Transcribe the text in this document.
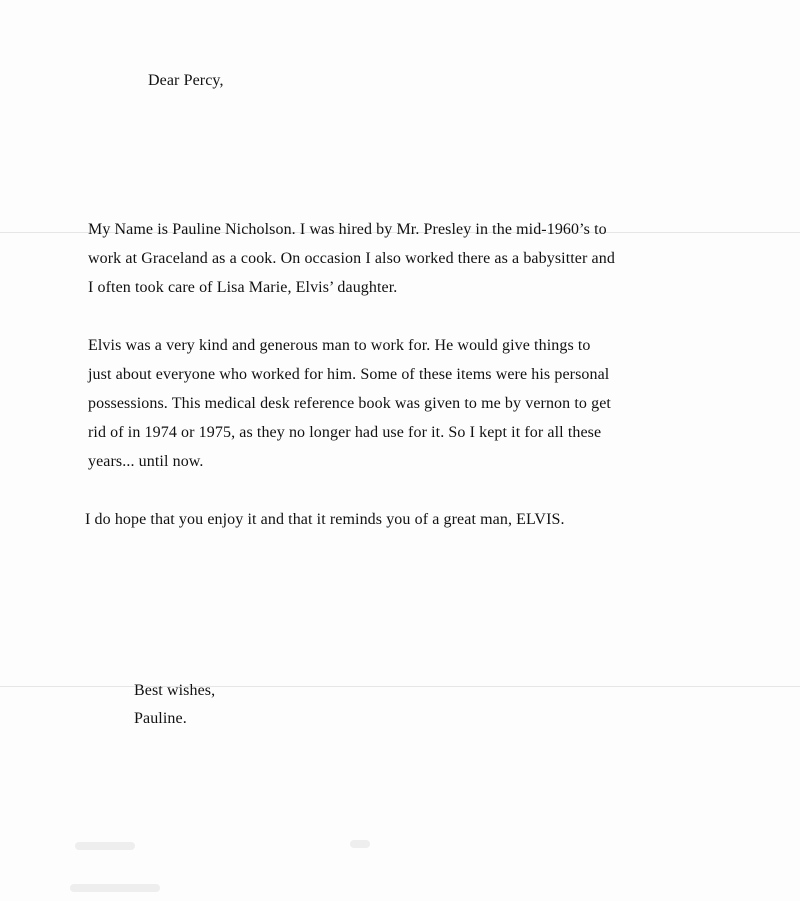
Dear Percy,
My Name is Pauline Nicholson. I was hired by Mr. Presley in the mid-1960’s to
work at Graceland as a cook. On occasion I also worked there as a babysitter and
I often took care of Lisa Marie, Elvis’ daughter.
Elvis was a very kind and generous man to work for. He would give things to
just about everyone who worked for him. Some of these items were his personal
possessions. This medical desk reference book was given to me by vernon to get
rid of in 1974 or 1975, as they no longer had use for it. So I kept it for all these
years... until now.
I do hope that you enjoy it and that it reminds you of a great man, ELVIS.
Best wishes,
Pauline.
